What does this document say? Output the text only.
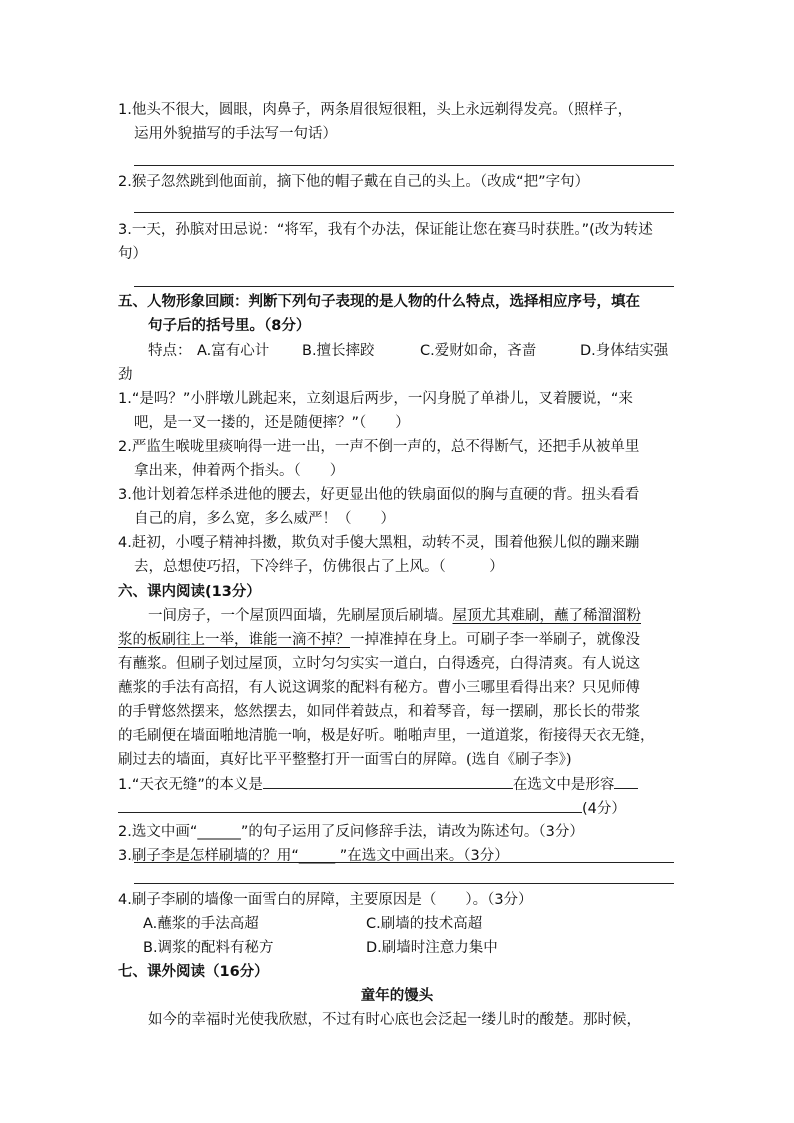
1.他头不很大，圆眼，肉鼻子，两条眉很短很粗，头上永远剃得发亮。（照样子，
运用外貌描写的手法写一句话）
2.猴子忽然跳到他面前，摘下他的帽子戴在自己的头上。（改成“把”字句）
3.一天，孙膑对田忌说：“将军，我有个办法，保证能让您在赛马时获胜。”(改为转述
句）
五、人物形象回顾：判断下列句子表现的是人物的什么特点，选择相应序号，填在
句子后的括号里。（8分）
特点： A.富有心计 B.擅长摔跤	C.爱财如命，吝啬	D.身体结实强
劲
1.“是吗？”小胖墩儿跳起来，立刻退后两步，一闪身脱了单褂儿，叉着腰说，“来
吧，是一叉一搂的，还是随便摔？”（　　）
2.严监生喉咙里痰响得一进一出，一声不倒一声的，总不得断气，还把手从被单里
拿出来，伸着两个指头。（　　）
3.他计划着怎样杀进他的腰去，好更显出他的铁扇面似的胸与直硬的背。扭头看看
自己的肩，多么宽，多么威严！（　　）
4.赶初，小嘎子精神抖擞，欺负对手傻大黑粗，动转不灵，围着他猴儿似的蹦来蹦
去，总想使巧招，下冷绊子，仿佛很占了上风。（　　　）
六、课内阅读(13分）
一间房子，一个屋顶四面墙，先刷屋顶后刷墙。屋顶尤其难刷，蘸了稀溜溜粉
浆的板刷往上一举，谁能一滴不掉？一掉准掉在身上。可刷子李一举刷子，就像没
有蘸浆。但刷子划过屋顶，立时匀匀实实一道白，白得透亮，白得清爽。有人说这
蘸浆的手法有高招，有人说这调浆的配料有秘方。曹小三哪里看得出来？只见师傅
的手臂悠然摆来，悠然摆去，如同伴着鼓点，和着琴音，每一摆刷，那长长的带浆
的毛刷便在墙面啪地清脆一响，极是好听。啪啪声里，一道道浆，衔接得天衣无缝，
刷过去的墙面，真好比平平整整打开一面雪白的屏障。(选自《刷子李》)
1.“天衣无缝”的本义是	在选文中是形容
(4分）
2.选文中画“______”的句子运用了反问修辞手法，请改为陈述句。（3分）
3.刷子李是怎样刷墙的？用“_____ ”在选文中画出来。（3分）
4.刷子李刷的墙像一面雪白的屏障，主要原因是（　　）。（3分）
A.蘸浆的手法高超	C.刷墙的技术高超
B.调浆的配料有秘方	D.刷墙时注意力集中
七、课外阅读（16分）
童年的馒头
如今的幸福时光使我欣慰，不过有时心底也会泛起一缕儿时的酸楚。那时候，
